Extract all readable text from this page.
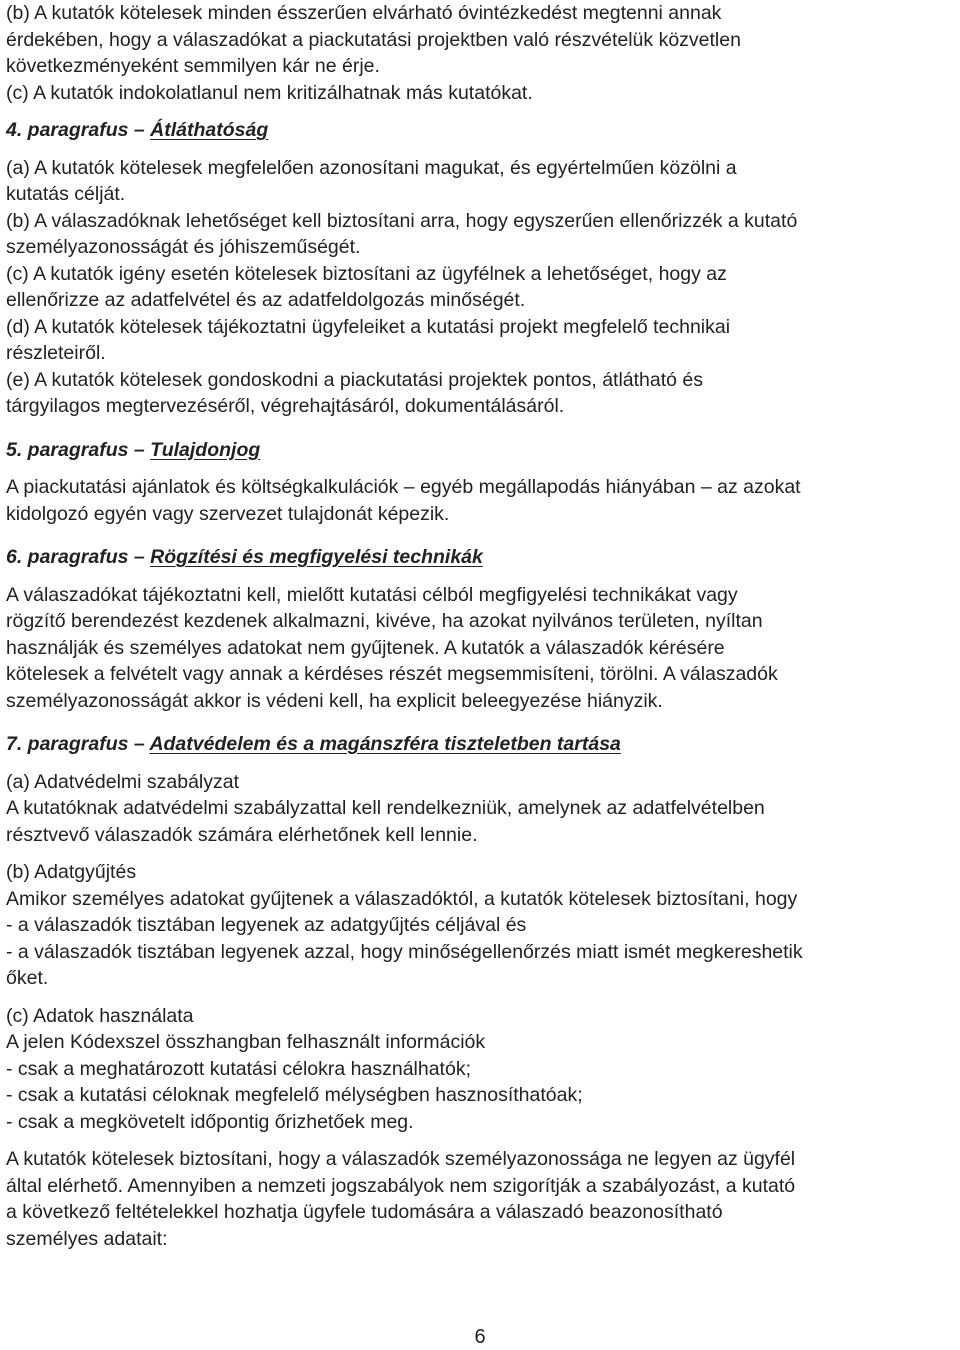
(b) A kutatók kötelesek minden ésszerűen elvárható óvintézkedést megtenni annak
érdekében, hogy a válaszadókat a piackutatási projektben való részvételük közvetlen
következményeként semmilyen kár ne érje.
(c) A kutatók indokolatlanul nem kritizálhatnak más kutatókat.
4. paragrafus – Átláthatóság
(a) A kutatók kötelesek megfelelően azonosítani magukat, és egyértelműen közölni a
kutatás célját.
(b) A válaszadóknak lehetőséget kell biztosítani arra, hogy egyszerűen ellenőrizzék a kutató
személyazonosságát és jóhiszeműségét.
(c) A kutatók igény esetén kötelesek biztosítani az ügyfélnek a lehetőséget, hogy az
ellenőrizze az adatfelvétel és az adatfeldolgozás minőségét.
(d) A kutatók kötelesek tájékoztatni ügyfeleiket a kutatási projekt megfelelő technikai
részleteiről.
(e) A kutatók kötelesek gondoskodni a piackutatási projektek pontos, átlátható és
tárgyilagos megtervezéséről, végrehajtásáról, dokumentálásáról.
5. paragrafus – Tulajdonjog
A piackutatási ajánlatok és költségkalkulációk – egyéb megállapodás hiányában – az azokat
kidolgozó egyén vagy szervezet tulajdonát képezik.
6. paragrafus – Rögzítési és megfigyelési technikák
A válaszadókat tájékoztatni kell, mielőtt kutatási célból megfigyelési technikákat vagy
rögzítő berendezést kezdenek alkalmazni, kivéve, ha azokat nyilvános területen, nyíltan
használják és személyes adatokat nem gyűjtenek. A kutatók a válaszadók kérésére
kötelesek a felvételt vagy annak a kérdéses részét megsemmisíteni, törölni. A válaszadók
személyazonosságát akkor is védeni kell, ha explicit beleegyezése hiányzik.
7. paragrafus – Adatvédelem és a magánszféra tiszteletben tartása
(a) Adatvédelmi szabályzat
A kutatóknak adatvédelmi szabályzattal kell rendelkezniük, amelynek az adatfelvételben
résztvevő válaszadók számára elérhetőnek kell lennie.
(b) Adatgyűjtés
Amikor személyes adatokat gyűjtenek a válaszadóktól, a kutatók kötelesek biztosítani, hogy
- a válaszadók tisztában legyenek az adatgyűjtés céljával és
- a válaszadók tisztában legyenek azzal, hogy minőségellenőrzés miatt ismét megkereshetik
őket.
(c) Adatok használata
A jelen Kódexszel összhangban felhasznált információk
- csak a meghatározott kutatási célokra használhatók;
- csak a kutatási céloknak megfelelő mélységben hasznosíthatóak;
- csak a megkövetelt időpontig őrizhetőek meg.
A kutatók kötelesek biztosítani, hogy a válaszadók személyazonossága ne legyen az ügyfél
által elérhető. Amennyiben a nemzeti jogszabályok nem szigorítják a szabályozást, a kutató
a következő feltételekkel hozhatja ügyfele tudomására a válaszadó beazonosítható
személyes adatait:
6
